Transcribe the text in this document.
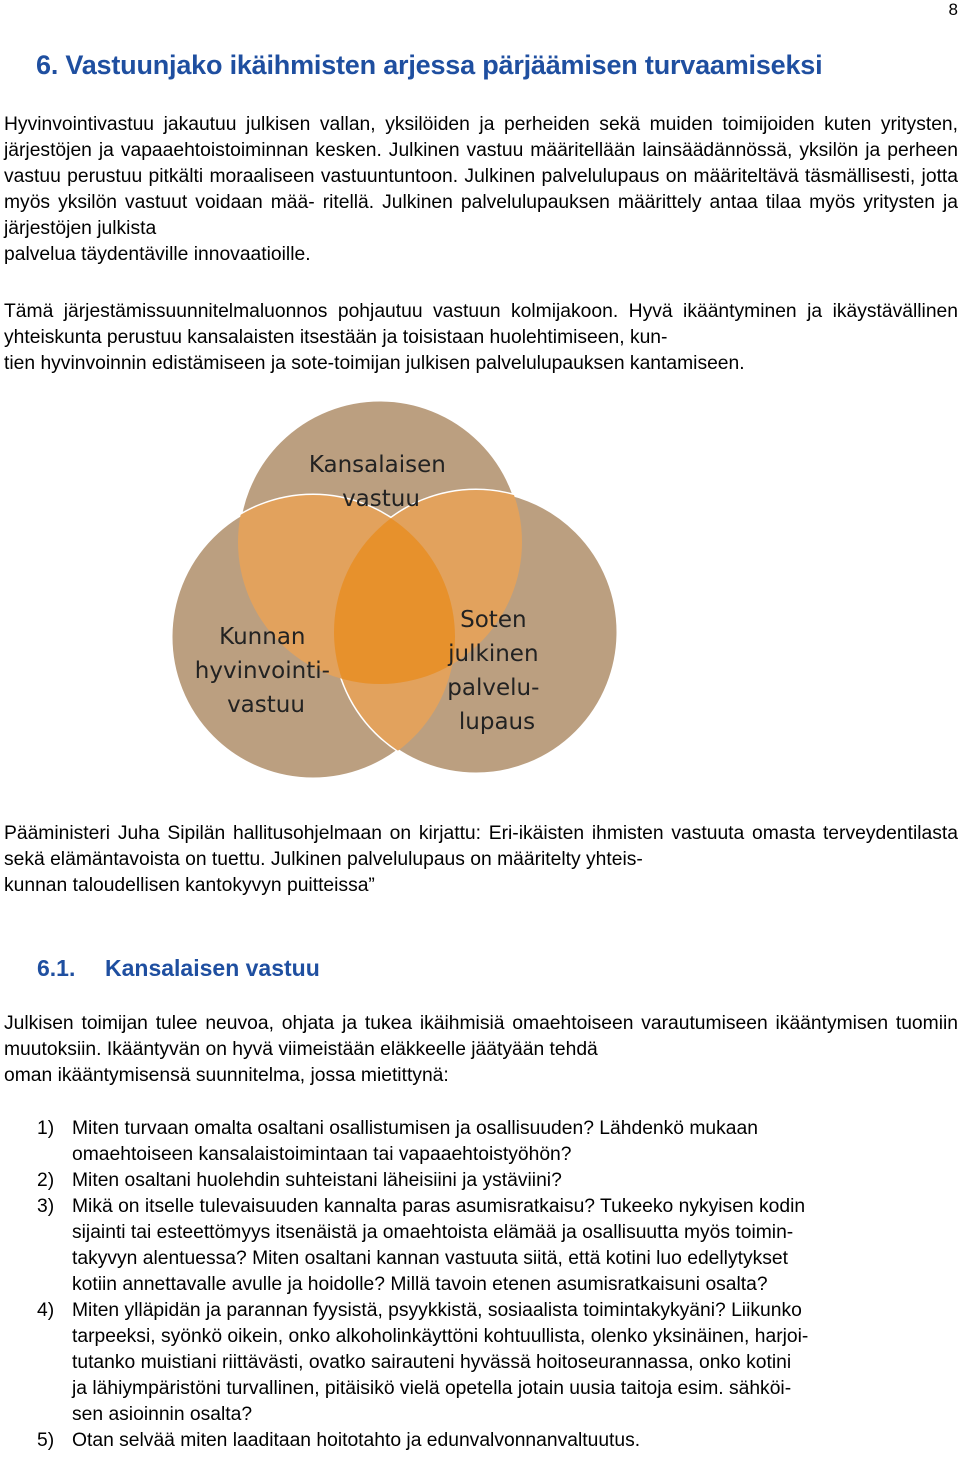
8
6. Vastuunjako ikäihmisten arjessa pärjäämisen turvaamiseksi

Hyvinvointivastuu jakautuu julkisen vallan, yksilöiden ja perheiden sekä muiden toimijoiden kuten yritysten, järjestöjen ja vapaaehtoistoiminnan kesken. Julkinen vastuu määritellään lainsäädännössä, yksilön ja perheen vastuu perustuu pitkälti moraaliseen vastuuntuntoon. Julkinen palvelulupaus on määriteltävä täsmällisesti, jotta myös yksilön vastuut voidaan mää- ritellä. Julkinen palvelulupauksen määrittely antaa tilaa myös yritysten ja järjestöjen julkista
palvelua täydentäville innovaatioille.

Tämä järjestämissuunnitelmaluonnos pohjautuu vastuun kolmijakoon. Hyvä ikääntyminen ja ikäystävällinen yhteiskunta perustuu kansalaisten itsestään ja toisistaan huolehtimiseen, kun-
tien hyvinvoinnin edistämiseen ja sote-toimijan julkisen palvelulupauksen kantamiseen.

Kansalaisen vastuu
Kunnan hyvinvointi- vastuu
Soten julkinen palvelu- lupaus

Pääministeri Juha Sipilän hallitusohjelmaan on kirjattu: Eri-ikäisten ihmisten vastuuta omasta terveydentilasta sekä elämäntavoista on tuettu. Julkinen palvelulupaus on määritelty yhteis-
kunnan taloudellisen kantokyvyn puitteissa”

6.1. Kansalaisen vastuu

Julkisen toimijan tulee neuvoa, ohjata ja tukea ikäihmisiä omaehtoiseen varautumiseen ikääntymisen tuomiin muutoksiin. Ikääntyvän on hyvä viimeistään eläkkeelle jäätyään tehdä
oman ikääntymisensä suunnitelma, jossa mietittynä:

1) Miten turvaan omalta osaltani osallistumisen ja osallisuuden? Lähdenkö mukaan
omaehtoiseen kansalaistoimintaan tai vapaaehtoistyöhön?
2) Miten osaltani huolehdin suhteistani läheisiini ja ystäviini?
3) Mikä on itselle tulevaisuuden kannalta paras asumisratkaisu? Tukeeko nykyisen kodin
sijainti tai esteettömyys itsenäistä ja omaehtoista elämää ja osallisuutta myös toimin-
takyvyn alentuessa? Miten osaltani kannan vastuuta siitä, että kotini luo edellytykset
kotiin annettavalle avulle ja hoidolle? Millä tavoin etenen asumisratkaisuni osalta?
4) Miten ylläpidän ja parannan fyysistä, psyykkistä, sosiaalista toimintakykyäni? Liikunko
tarpeeksi, syönkö oikein, onko alkoholinkäyttöni kohtuullista, olenko yksinäinen, harjoi-
tutanko muistiani riittävästi, ovatko sairauteni hyvässä hoitoseurannassa, onko kotini
ja lähiympäristöni turvallinen, pitäisikö vielä opetella jotain uusia taitoja esim. sähköi-
sen asioinnin osalta?
5) Otan selvää miten laaditaan hoitotahto ja edunvalvonnanvaltuutus.
